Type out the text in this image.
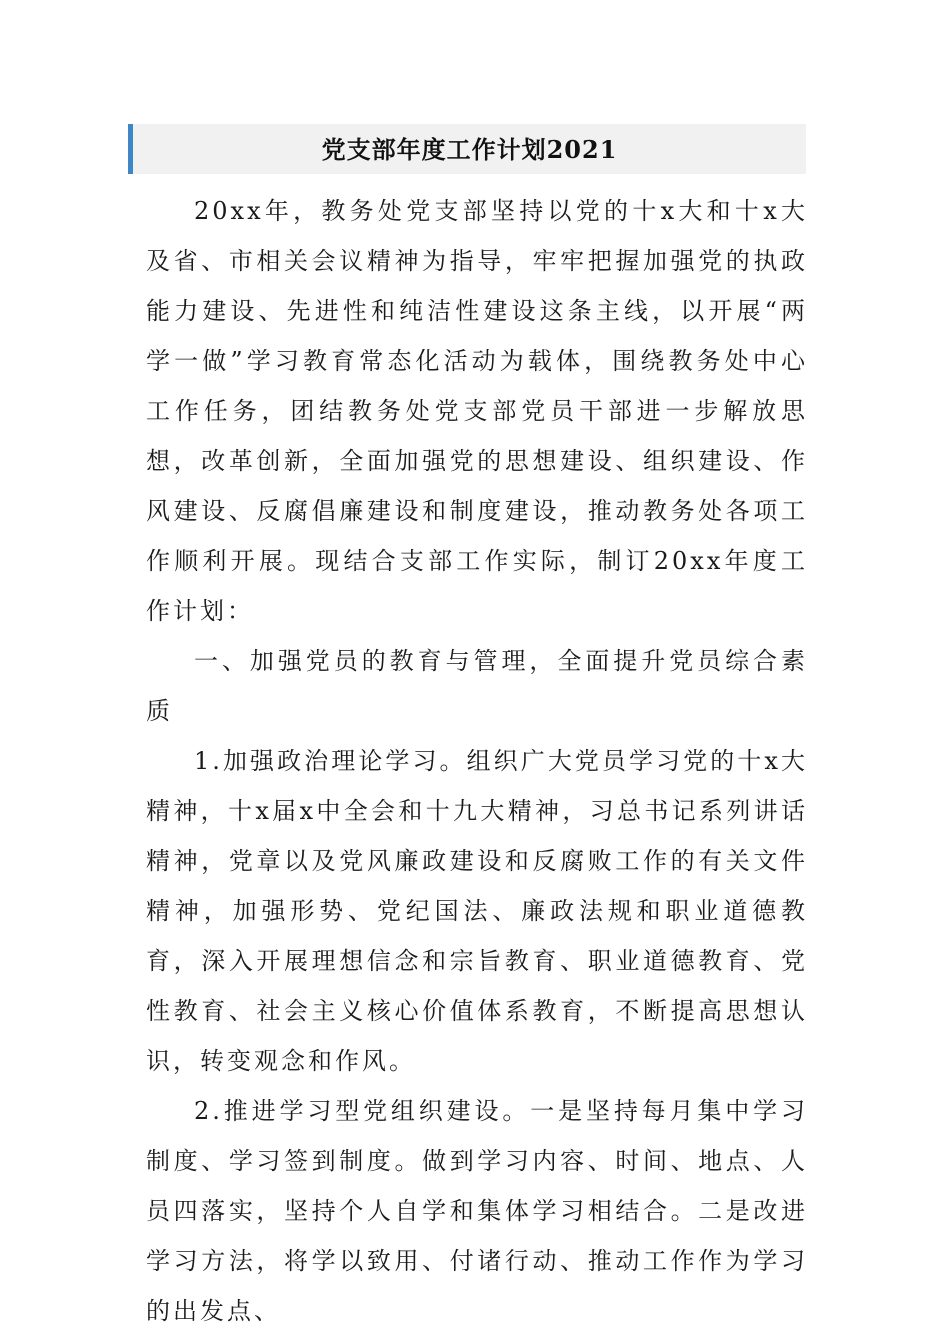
党支部年度工作计划2021

20xx年，教务处党支部坚持以党的十x大和十x大及省、市相关会议精神为指导，牢牢把握加强党的执政能力建设、先进性和纯洁性建设这条主线，以开展“两学一做”学习教育常态化活动为载体，围绕教务处中心工作任务，团结教务处党支部党员干部进一步解放思想，改革创新，全面加强党的思想建设、组织建设、作风建设、反腐倡廉建设和制度建设，推动教务处各项工作顺利开展。现结合支部工作实际，制订20xx年度工作计划：

一、加强党员的教育与管理，全面提升党员综合素质

1.加强政治理论学习。组织广大党员学习党的十x大精神，十x届x中全会和十九大精神，习总书记系列讲话精神，党章以及党风廉政建设和反腐败工作的有关文件精神，加强形势、党纪国法、廉政法规和职业道德教育，深入开展理想信念和宗旨教育、职业道德教育、党性教育、社会主义核心价值体系教育，不断提高思想认识，转变观念和作风。

2.推进学习型党组织建设。一是坚持每月集中学习制度、学习签到制度。做到学习内容、时间、地点、人员四落实，坚持个人自学和集体学习相结合。二是改进学习方法，将学以致用、付诸行动、推动工作作为学习的出发点、
